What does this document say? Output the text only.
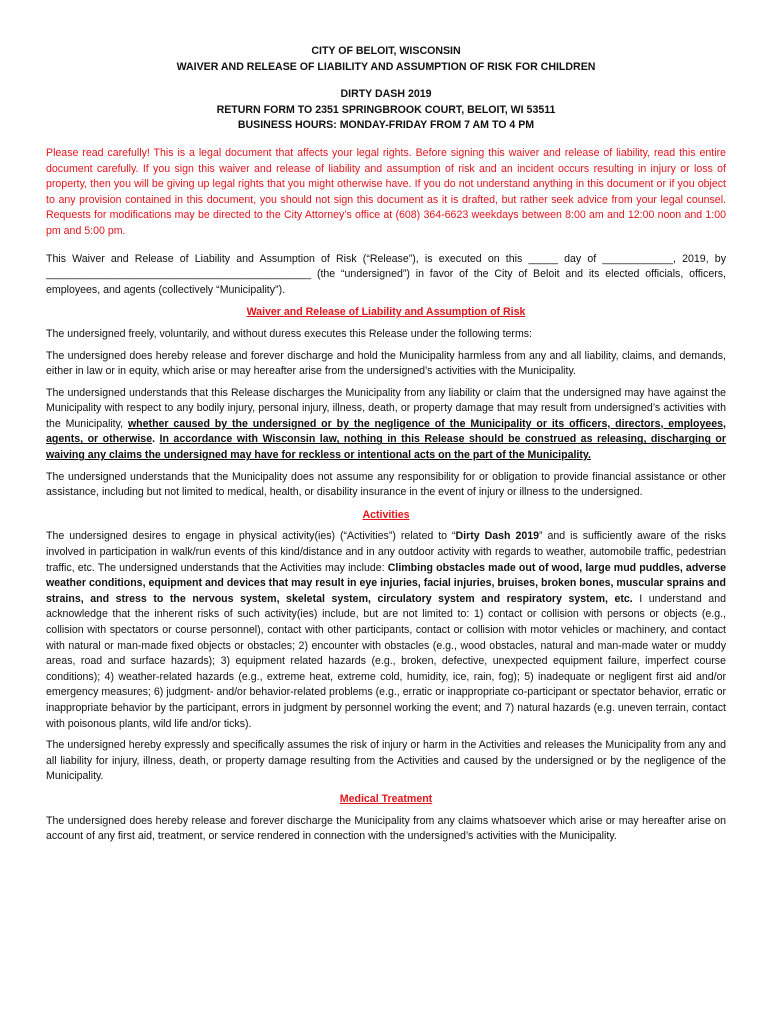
CITY OF BELOIT, WISCONSIN
WAIVER AND RELEASE OF LIABILITY AND ASSUMPTION OF RISK FOR CHILDREN
DIRTY DASH 2019
RETURN FORM TO 2351 SPRINGBROOK COURT, BELOIT, WI 53511
BUSINESS HOURS: MONDAY-FRIDAY FROM 7 AM TO 4 PM

Please read carefully! This is a legal document that affects your legal rights. Before signing this waiver and release of liability, read this entire document carefully. If you sign this waiver and release of liability and assumption of risk and an incident occurs resulting in injury or loss of property, then you will be giving up legal rights that you might otherwise have. If you do not understand anything in this document or if you object to any provision contained in this document, you should not sign this document as it is drafted, but rather seek advice from your legal counsel. Requests for modifications may be directed to the City Attorney’s office at (608) 364-6623 weekdays between 8:00 am and 12:00 noon and 1:00 pm and 5:00 pm.

This Waiver and Release of Liability and Assumption of Risk (“Release”), is executed on this _____ day of ____________, 2019, by _____________________________________________ (the “undersigned”) in favor of the City of Beloit and its elected officials, officers, employees, and agents (collectively “Municipality”).

Waiver and Release of Liability and Assumption of Risk

The undersigned freely, voluntarily, and without duress executes this Release under the following terms:

The undersigned does hereby release and forever discharge and hold the Municipality harmless from any and all liability, claims, and demands, either in law or in equity, which arise or may hereafter arise from the undersigned’s activities with the Municipality.

The undersigned understands that this Release discharges the Municipality from any liability or claim that the undersigned may have against the Municipality with respect to any bodily injury, personal injury, illness, death, or property damage that may result from undersigned’s activities with the Municipality, whether caused by the undersigned or by the negligence of the Municipality or its officers, directors, employees, agents, or otherwise. In accordance with Wisconsin law, nothing in this Release should be construed as releasing, discharging or waiving any claims the undersigned may have for reckless or intentional acts on the part of the Municipality.

The undersigned understands that the Municipality does not assume any responsibility for or obligation to provide financial assistance or other assistance, including but not limited to medical, health, or disability insurance in the event of injury or illness to the undersigned.

Activities

The undersigned desires to engage in physical activity(ies) (“Activities”) related to “Dirty Dash 2019” and is sufficiently aware of the risks involved in participation in walk/run events of this kind/distance and in any outdoor activity with regards to weather, automobile traffic, pedestrian traffic, etc. The undersigned understands that the Activities may include: Climbing obstacles made out of wood, large mud puddles, adverse weather conditions, equipment and devices that may result in eye injuries, facial injuries, bruises, broken bones, muscular sprains and strains, and stress to the nervous system, skeletal system, circulatory system and respiratory system, etc. I understand and acknowledge that the inherent risks of such activity(ies) include, but are not limited to: 1) contact or collision with persons or objects (e.g., collision with spectators or course personnel), contact with other participants, contact or collision with motor vehicles or machinery, and contact with natural or man-made fixed objects or obstacles; 2) encounter with obstacles (e.g., wood obstacles, natural and man-made water or muddy areas, road and surface hazards); 3) equipment related hazards (e.g., broken, defective, unexpected equipment failure, imperfect course conditions); 4) weather-related hazards (e.g., extreme heat, extreme cold, humidity, ice, rain, fog); 5) inadequate or negligent first aid and/or emergency measures; 6) judgment- and/or behavior-related problems (e.g., erratic or inappropriate co-participant or spectator behavior, erratic or inappropriate behavior by the participant, errors in judgment by personnel working the event; and 7) natural hazards (e.g. uneven terrain, contact with poisonous plants, wild life and/or ticks).

The undersigned hereby expressly and specifically assumes the risk of injury or harm in the Activities and releases the Municipality from any and all liability for injury, illness, death, or property damage resulting from the Activities and caused by the undersigned or by the negligence of the Municipality.

Medical Treatment

The undersigned does hereby release and forever discharge the Municipality from any claims whatsoever which arise or may hereafter arise on account of any first aid, treatment, or service rendered in connection with the undersigned’s activities with the Municipality.
